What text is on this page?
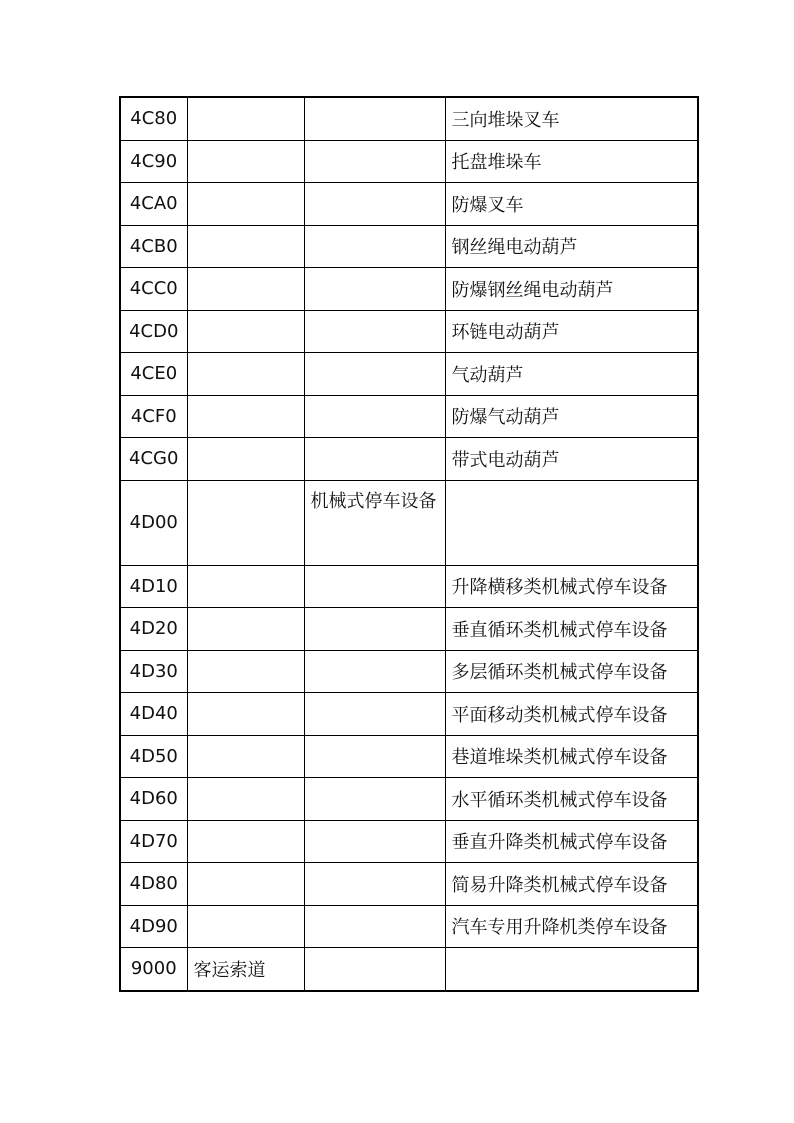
4C80			三向堆垛叉车
4C90			托盘堆垛车
4CA0			防爆叉车
4CB0			钢丝绳电动葫芦
4CC0			防爆钢丝绳电动葫芦
4CD0			环链电动葫芦
4CE0			气动葫芦
4CF0			防爆气动葫芦
4CG0			带式电动葫芦
4D00		机械式停车设备	
4D10			升降横移类机械式停车设备
4D20			垂直循环类机械式停车设备
4D30			多层循环类机械式停车设备
4D40			平面移动类机械式停车设备
4D50			巷道堆垛类机械式停车设备
4D60			水平循环类机械式停车设备
4D70			垂直升降类机械式停车设备
4D80			简易升降类机械式停车设备
4D90			汽车专用升降机类停车设备
9000	客运索道		
